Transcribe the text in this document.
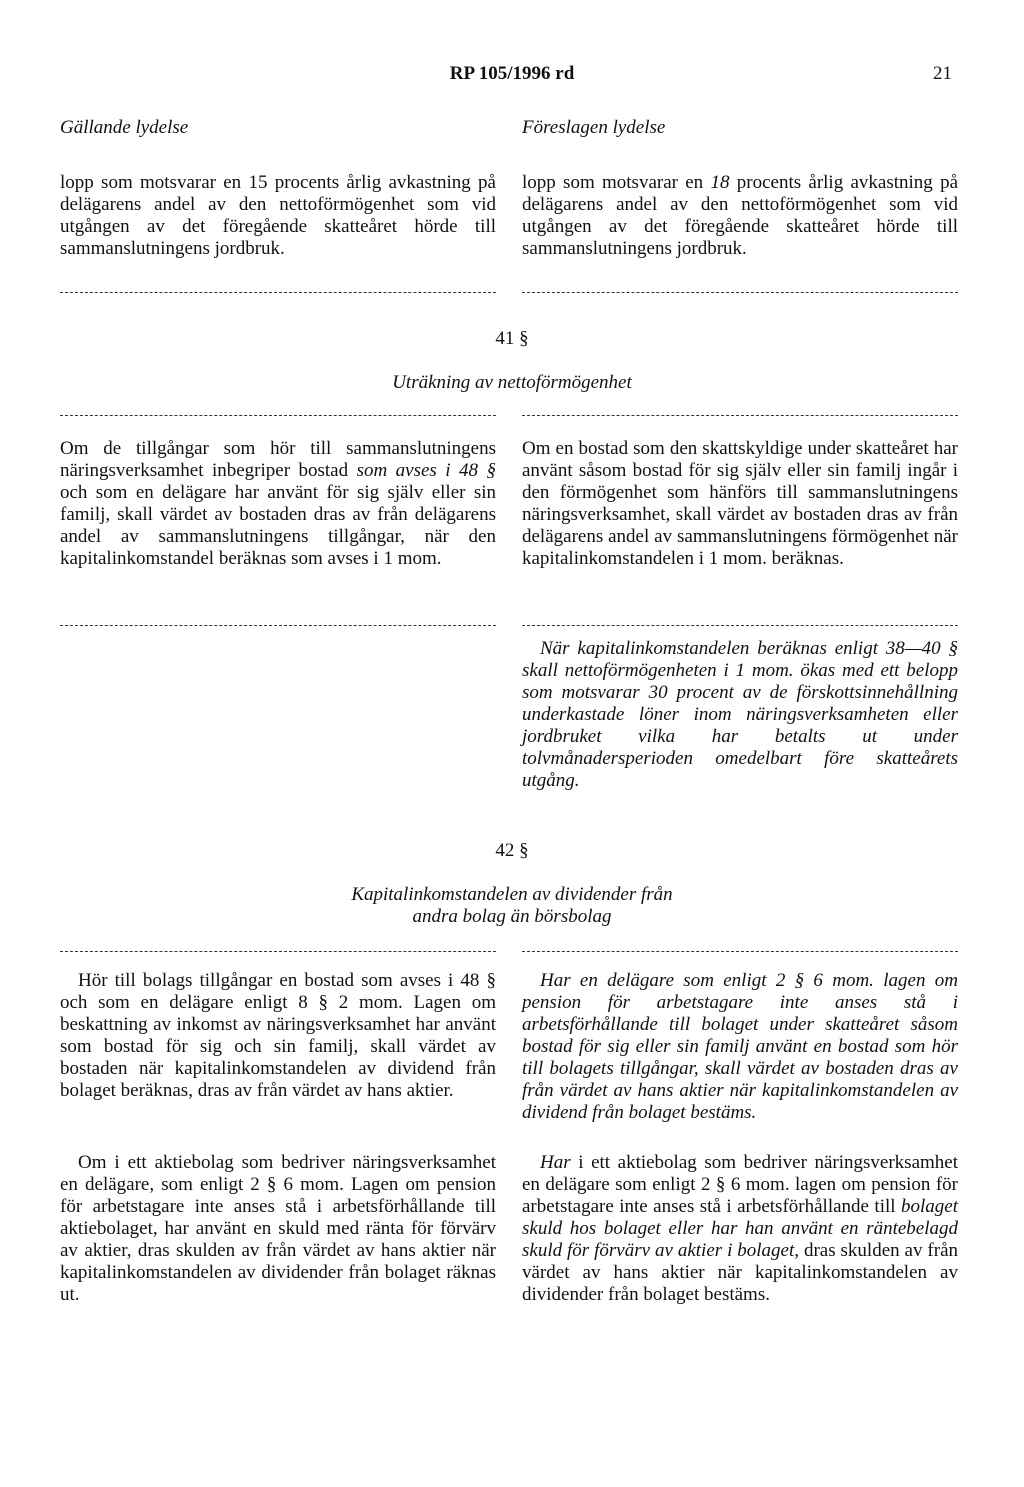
RP 105/1996 rd	21
Gällande lydelse	Föreslagen lydelse

lopp som motsvarar en 15 procents årlig avkastning på delägarens andel av den nettoförmögenhet som vid utgången av det föregående skatteåret hörde till sammanslutningens jordbruk.

lopp som motsvarar en 18 procents årlig avkastning på delägarens andel av den nettoförmögenhet som vid utgången av det föregående skatteåret hörde till sammanslutningens jordbruk.

41 §
Uträkning av nettoförmögenhet

Om de tillgångar som hör till sammanslutningens näringsverksamhet inbegriper bostad som avses i 48 § och som en delägare har använt för sig själv eller sin familj, skall värdet av bostaden dras av från delägarens andel av sammanslutningens tillgångar, när den kapitalinkomstandel beräknas som avses i 1 mom.

Om en bostad som den skattskyldige under skatteåret har använt såsom bostad för sig själv eller sin familj ingår i den förmögenhet som hänförs till sammanslutningens näringsverksamhet, skall värdet av bostaden dras av från delägarens andel av sammanslutningens förmögenhet när kapitalinkomstandelen i 1 mom. beräknas.

När kapitalinkomstandelen beräknas enligt 38—40 § skall nettoförmögenheten i 1 mom. ökas med ett belopp som motsvarar 30 procent av de förskottsinnehållning underkastade löner inom näringsverksamheten eller jordbruket vilka har betalts ut under tolvmånadersperioden omedelbart före skatteårets utgång.

42 §
Kapitalinkomstandelen av dividender från
andra bolag än börsbolag

Hör till bolags tillgångar en bostad som avses i 48 § och som en delägare enligt 8 § 2 mom. Lagen om beskattning av inkomst av näringsverksamhet har använt som bostad för sig och sin familj, skall värdet av bostaden när kapitalinkomstandelen av dividend från bolaget beräknas, dras av från värdet av hans aktier.

Om i ett aktiebolag som bedriver näringsverksamhet en delägare, som enligt 2 § 6 mom. Lagen om pension för arbetstagare inte anses stå i arbetsförhållande till aktiebolaget, har använt en skuld med ränta för förvärv av aktier, dras skulden av från värdet av hans aktier när kapitalinkomstandelen av dividender från bolaget räknas ut.

Har en delägare som enligt 2 § 6 mom. lagen om pension för arbetstagare inte anses stå i arbetsförhållande till bolaget under skatteåret såsom bostad för sig eller sin familj använt en bostad som hör till bolagets tillgångar, skall värdet av bostaden dras av från värdet av hans aktier när kapitalinkomstandelen av dividend från bolaget bestäms.

Har i ett aktiebolag som bedriver näringsverksamhet en delägare som enligt 2 § 6 mom. lagen om pension för arbetstagare inte anses stå i arbetsförhållande till bolaget skuld hos bolaget eller har han använt en räntebelagd skuld för förvärv av aktier i bolaget, dras skulden av från värdet av hans aktier när kapitalinkomstandelen av dividender från bolaget bestäms.
